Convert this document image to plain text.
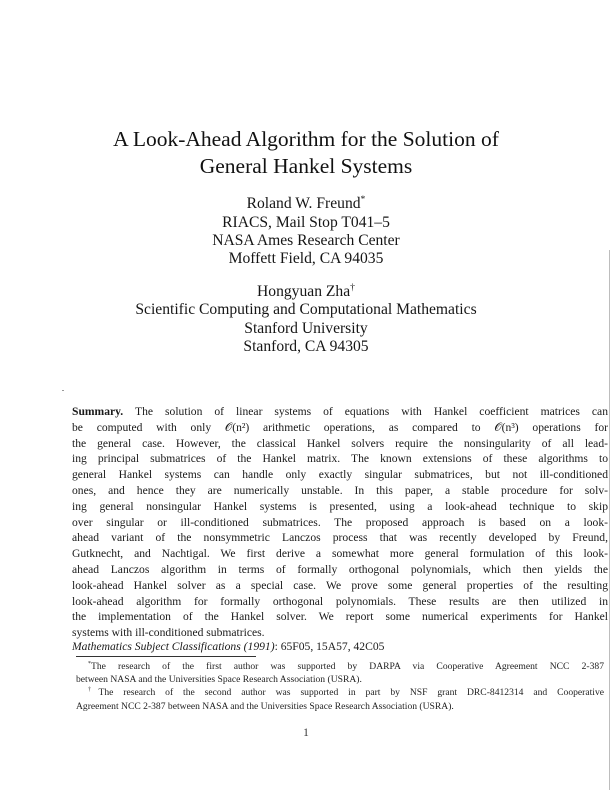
A Look-Ahead Algorithm for the Solution of
General Hankel Systems
Roland W. Freund*
RIACS, Mail Stop T041–5
NASA Ames Research Center
Moffett Field, CA 94035
Hongyuan Zha†
Scientific Computing and Computational Mathematics
Stanford University
Stanford, CA 94305
Summary. The solution of linear systems of equations with Hankel coefficient matrices can
be computed with only 𝒪(n²) arithmetic operations, as compared to 𝒪(n³) operations for
the general case. However, the classical Hankel solvers require the nonsingularity of all lead-
ing principal submatrices of the Hankel matrix. The known extensions of these algorithms to
general Hankel systems can handle only exactly singular submatrices, but not ill-conditioned
ones, and hence they are numerically unstable. In this paper, a stable procedure for solv-
ing general nonsingular Hankel systems is presented, using a look-ahead technique to skip
over singular or ill-conditioned submatrices. The proposed approach is based on a look-
ahead variant of the nonsymmetric Lanczos process that was recently developed by Freund,
Gutknecht, and Nachtigal. We first derive a somewhat more general formulation of this look-
ahead Lanczos algorithm in terms of formally orthogonal polynomials, which then yields the
look-ahead Hankel solver as a special case. We prove some general properties of the resulting
look-ahead algorithm for formally orthogonal polynomials. These results are then utilized in
the implementation of the Hankel solver. We report some numerical experiments for Hankel
systems with ill-conditioned submatrices.
Mathematics Subject Classifications (1991): 65F05, 15A57, 42C05
*The research of the first author was supported by DARPA via Cooperative Agreement NCC 2-387
between NASA and the Universities Space Research Association (USRA).
†The research of the second author was supported in part by NSF grant DRC-8412314 and Cooperative
Agreement NCC 2-387 between NASA and the Universities Space Research Association (USRA).
1
